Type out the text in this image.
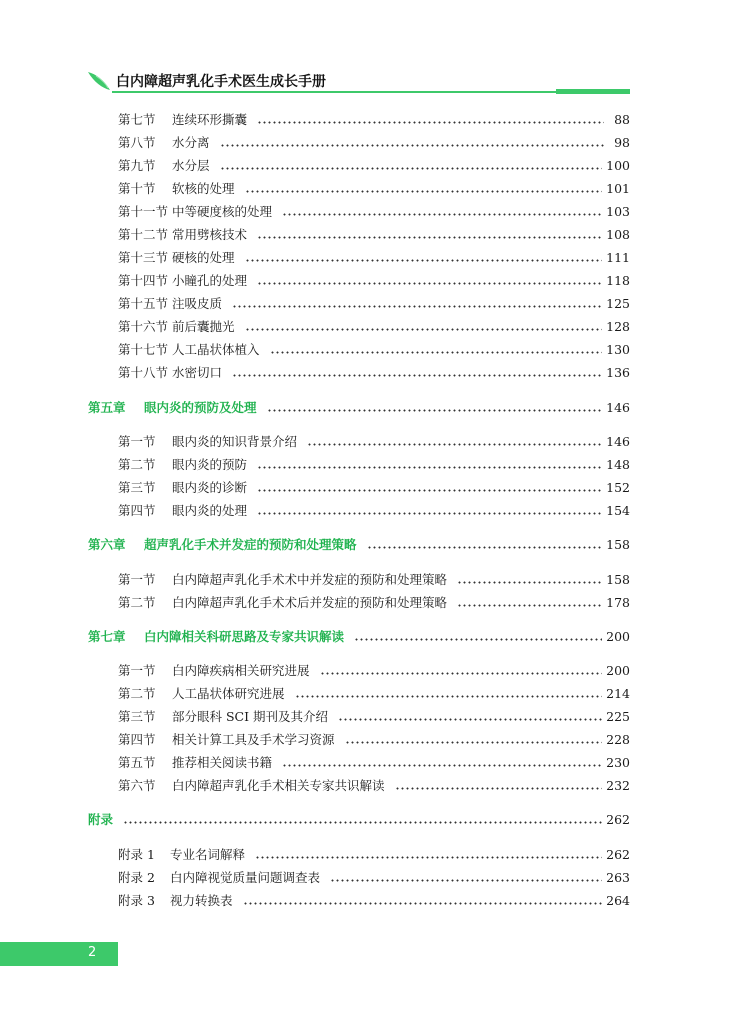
白内障超声乳化手术医生成长手册
第七节	连续环形撕囊	88
第八节	水分离	98
第九节	水分层	100
第十节	软核的处理	101
第十一节 中等硬度核的处理	103
第十二节 常用劈核技术	108
第十三节 硬核的处理	111
第十四节 小瞳孔的处理	118
第十五节 注吸皮质	125
第十六节 前后囊抛光	128
第十七节 人工晶状体植入	130
第十八节 水密切口	136
第五章	眼内炎的预防及处理	146
第一节	眼内炎的知识背景介绍	146
第二节	眼内炎的预防	148
第三节	眼内炎的诊断	152
第四节	眼内炎的处理	154
第六章	超声乳化手术并发症的预防和处理策略	158
第一节	白内障超声乳化手术术中并发症的预防和处理策略	158
第二节	白内障超声乳化手术术后并发症的预防和处理策略	178
第七章	白内障相关科研思路及专家共识解读	200
第一节	白内障疾病相关研究进展	200
第二节	人工晶状体研究进展	214
第三节	部分眼科 SCI 期刊及其介绍	225
第四节	相关计算工具及手术学习资源	228
第五节	推荐相关阅读书籍	230
第六节	白内障超声乳化手术相关专家共识解读	232
附录	262
附录 1	专业名词解释	262
附录 2	白内障视觉质量问题调查表	263
附录 3	视力转换表	264
2
